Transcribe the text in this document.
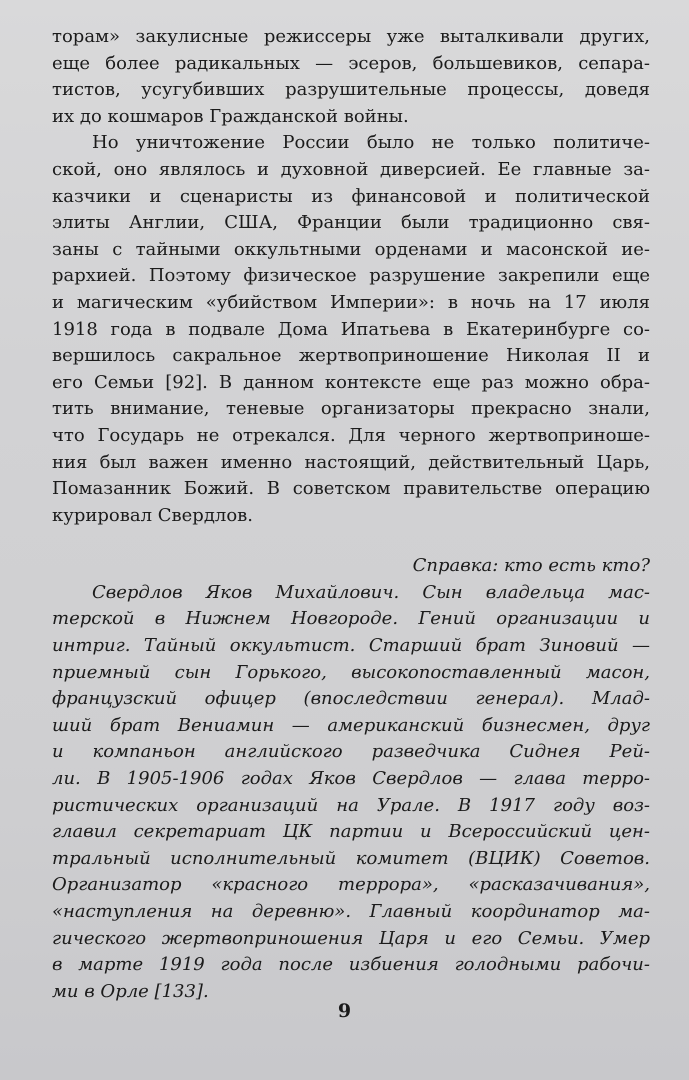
торам» закулисные режиссеры уже выталкивали других,
еще более радикальных — эсеров, большевиков, сепара-
тистов, усугубивших разрушительные процессы, доведя
их до кошмаров Гражданской войны.
Но уничтожение России было не только политиче-
ской, оно являлось и духовной диверсией. Ее главные за-
казчики и сценаристы из финансовой и политической
элиты Англии, США, Франции были традиционно свя-
заны с тайными оккультными орденами и масонской ие-
рархией. Поэтому физическое разрушение закрепили еще
и магическим «убийством Империи»: в ночь на 17 июля
1918 года в подвале Дома Ипатьева в Екатеринбурге со-
вершилось сакральное жертвоприношение Николая II и
его Семьи [92]. В данном контексте еще раз можно обра-
тить внимание, теневые организаторы прекрасно знали,
что Государь не отрекался. Для черного жертвоприноше-
ния был важен именно настоящий, действительный Царь,
Помазанник Божий. В советском правительстве операцию
курировал Свердлов.
Справка: кто есть кто?
Свердлов Яков Михайлович. Сын владельца мас-
терской в Нижнем Новгороде. Гений организации и
интриг. Тайный оккультист. Старший брат Зиновий —
приемный сын Горького, высокопоставленный масон,
французский офицер (впоследствии генерал). Млад-
ший брат Вениамин — американский бизнесмен, друг
и компаньон английского разведчика Сиднея Рей-
ли. В 1905-1906 годах Яков Свердлов — глава терро-
ристических организаций на Урале. В 1917 году воз-
главил секретариат ЦК партии и Всероссийский цен-
тральный исполнительный комитет (ВЦИК) Советов.
Организатор «красного террора», «расказачивания»,
«наступления на деревню». Главный координатор ма-
гического жертвоприношения Царя и его Семьи. Умер
в марте 1919 года после избиения голодными рабочи-
ми в Орле [133].
9
